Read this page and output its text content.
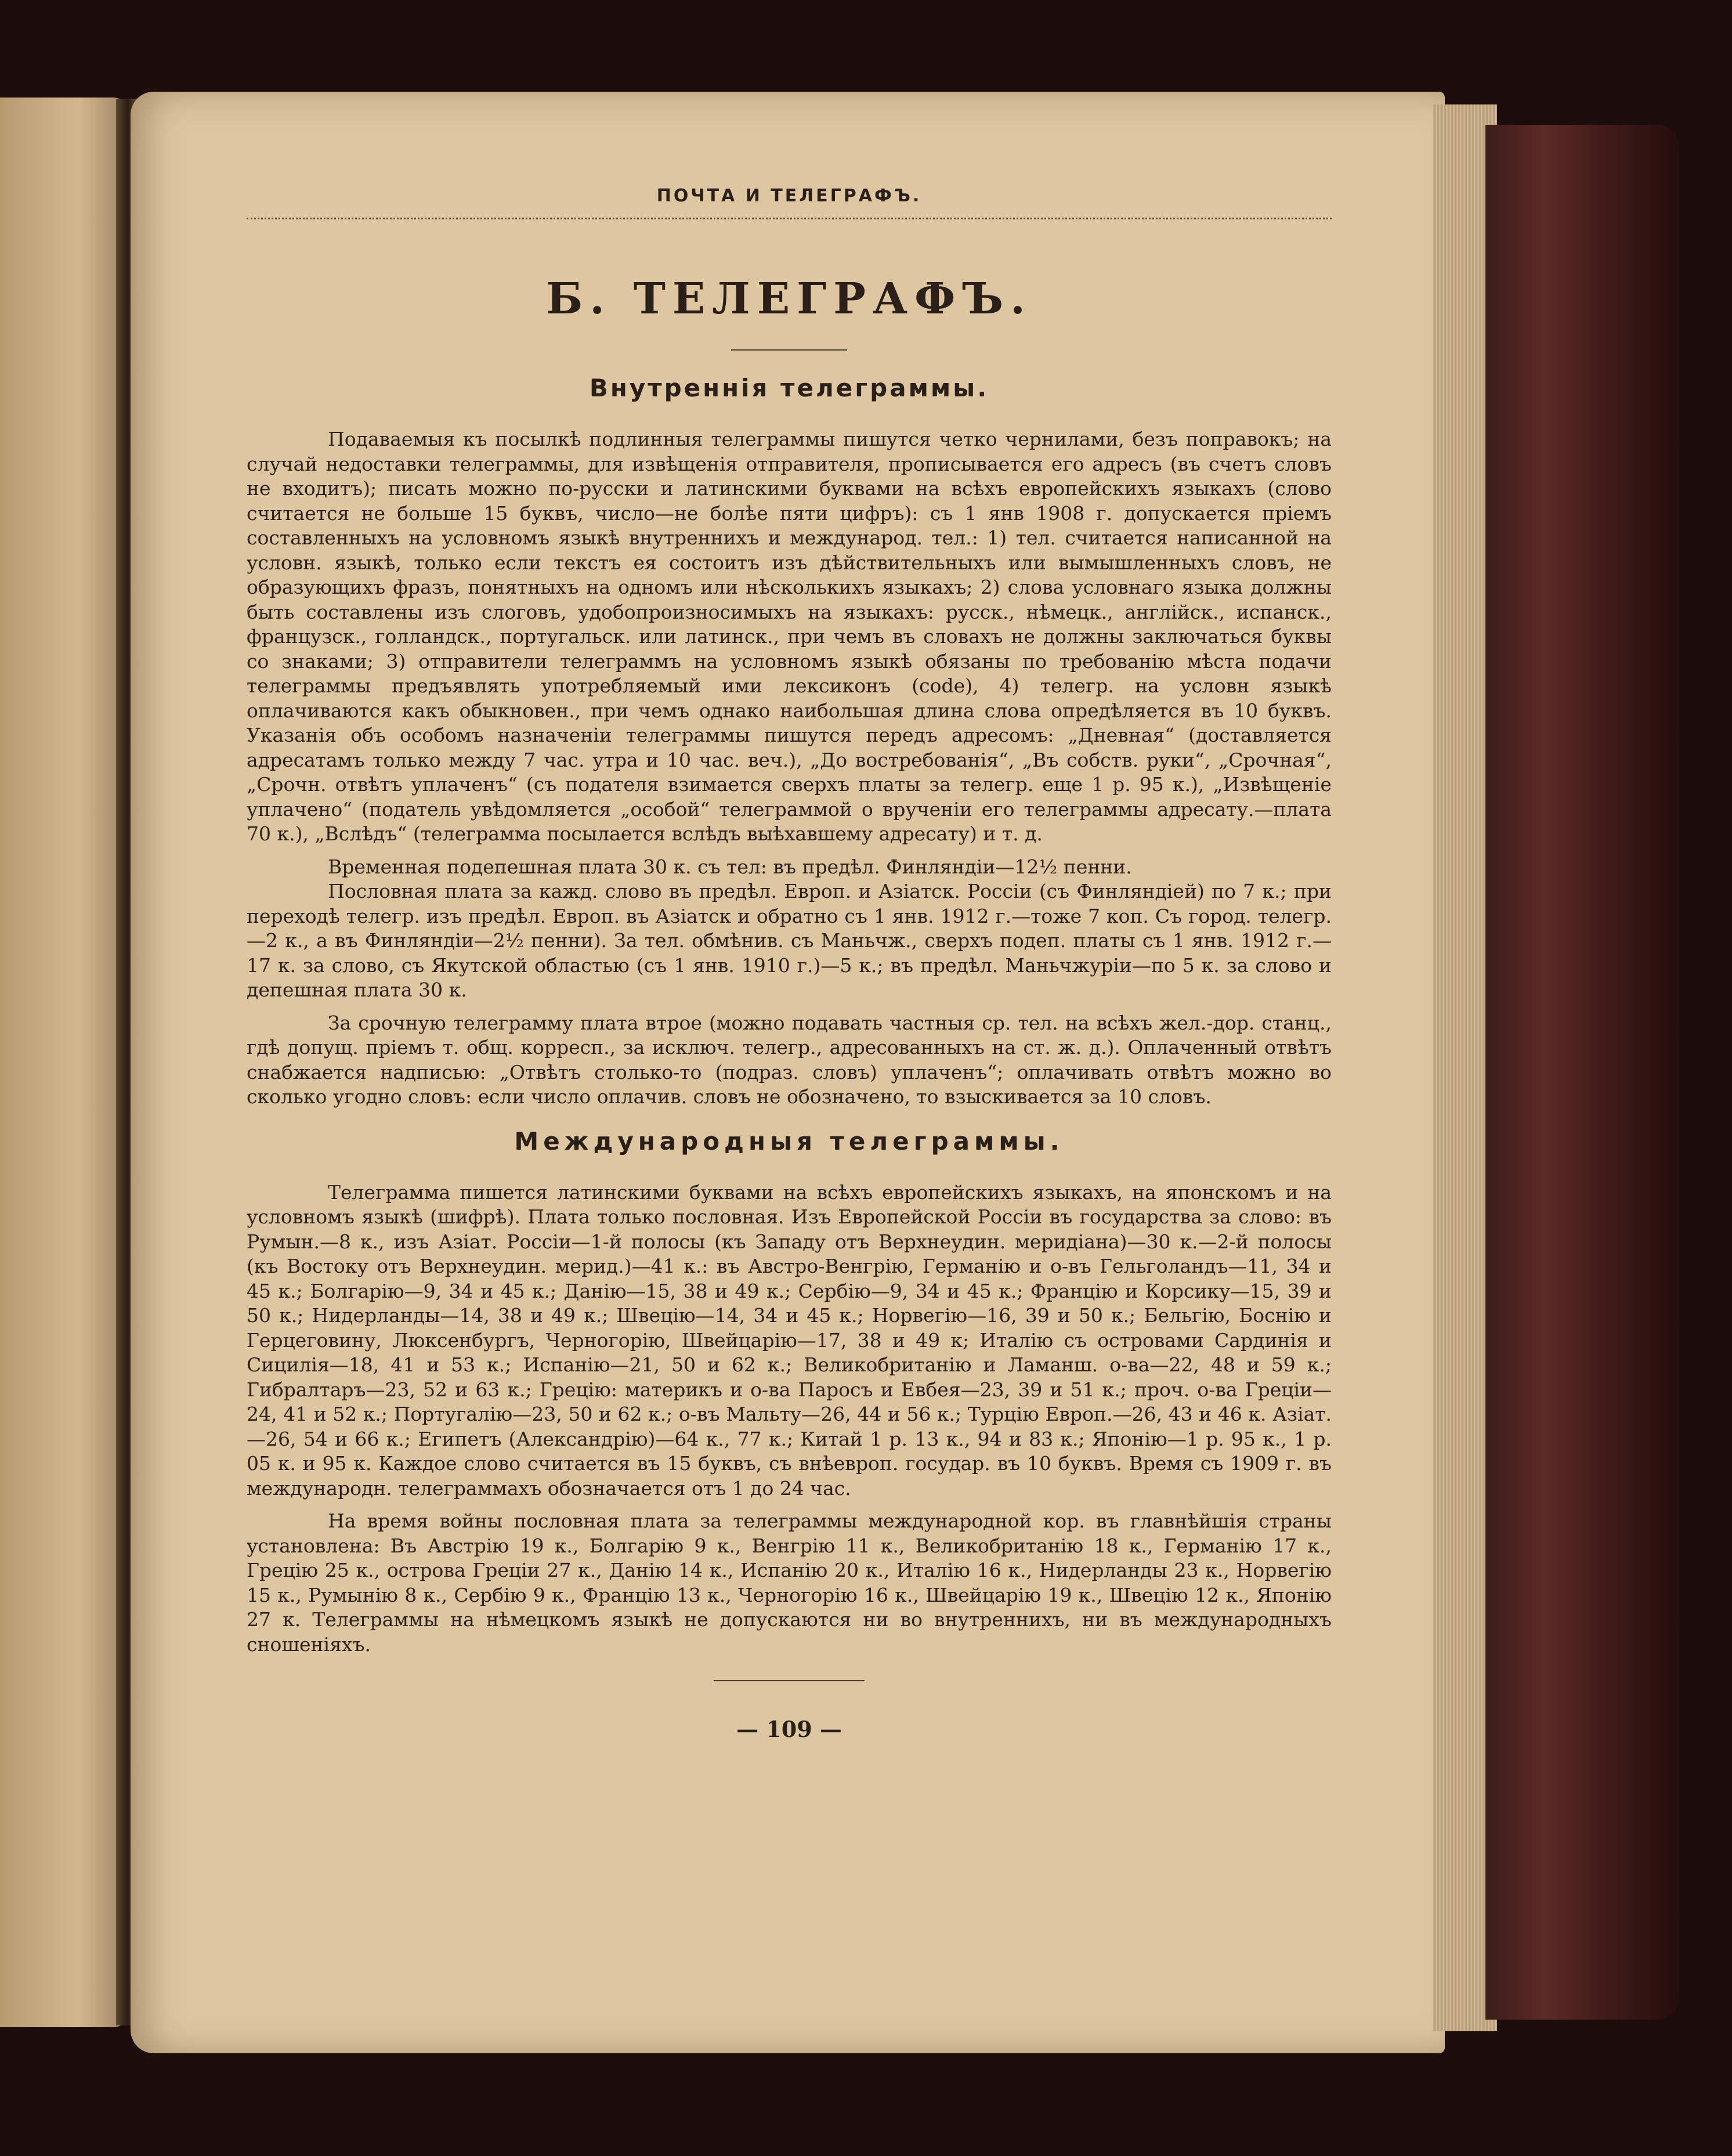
ПОЧТА И ТЕЛЕГРАФЪ.
Б. ТЕЛЕГРАФЪ.
Внутреннія телеграммы.

Подаваемыя къ посылкѣ подлинныя телеграммы пишутся четко чернилами, безъ поправокъ; на случай недоставки телеграммы, для извѣщенія отправителя, прописывается его адресъ (въ счетъ словъ не входитъ); писать можно по-русски и латинскими буквами на всѣхъ европейскихъ языкахъ (слово считается не больше 15 буквъ, число—не болѣе пяти цифръ): съ 1 янв 1908 г. допускается пріемъ составленныхъ на условномъ языкѣ внутреннихъ и международ. тел.: 1) тел. считается написанной на условн. языкѣ, только если текстъ ея состоитъ изъ дѣйствительныхъ или вымышленныхъ словъ, не образующихъ фразъ, понятныхъ на одномъ или нѣсколькихъ языкахъ; 2) слова условнаго языка должны быть составлены изъ слоговъ, удобопроизносимыхъ на языкахъ: русск., нѣмецк., англійск., испанск., французск., голландск., португальск. или латинск., при чемъ въ словахъ не должны заключаться буквы со знаками; 3) отправители телеграммъ на условномъ языкѣ обязаны по требованію мѣста подачи телеграммы предъявлять употребляемый ими лексиконъ (code), 4) телегр. на условн языкѣ оплачиваются какъ обыкновен., при чемъ однако наибольшая длина слова опредѣляется въ 10 буквъ. Указанія объ особомъ назначеніи телеграммы пишутся передъ адресомъ: „Дневная“ (доставляется адресатамъ только между 7 час. утра и 10 час. веч.), „До востребованія“, „Въ собств. руки“, „Срочная“, „Срочн. отвѣтъ уплаченъ“ (съ подателя взимается сверхъ платы за телегр. еще 1 р. 95 к.), „Извѣщеніе уплачено“ (податель увѣдомляется „особой“ телеграммой о врученіи его телеграммы адресату.—плата 70 к.), „Вслѣдъ“ (телеграмма посылается вслѣдъ выѣхавшему адресату) и т. д.

Временная подепешная плата 30 к. съ тел: въ предѣл. Финляндіи—12½ пенни.

Пословная плата за кажд. слово въ предѣл. Европ. и Азіатск. Россіи (съ Финляндіей) по 7 к.; при переходѣ телегр. изъ предѣл. Европ. въ Азіатск и обратно съ 1 янв. 1912 г.—тоже 7 коп. Съ город. телегр.—2 к., а въ Финляндіи—2½ пенни). За тел. обмѣнив. съ Маньчж., сверхъ подеп. платы съ 1 янв. 1912 г.—17 к. за слово, съ Якутской областью (съ 1 янв. 1910 г.)—5 к.; въ предѣл. Маньчжуріи—по 5 к. за слово и депешная плата 30 к.

За срочную телеграмму плата втрое (можно подавать частныя ср. тел. на всѣхъ жел.-дор. станц., гдѣ допущ. пріемъ т. общ. корресп., за исключ. телегр., адресованныхъ на ст. ж. д.). Оплаченный отвѣтъ снабжается надписью: „Отвѣтъ столько-то (подраз. словъ) уплаченъ“; оплачивать отвѣтъ можно во сколько угодно словъ: если число оплачив. словъ не обозначено, то взыскивается за 10 словъ.

Международныя телеграммы.

Телеграмма пишется латинскими буквами на всѣхъ европейскихъ языкахъ, на японскомъ и на условномъ языкѣ (шифрѣ). Плата только пословная. Изъ Европейской Россіи въ государства за слово: въ Румын.—8 к., изъ Азіат. Россіи—1-й полосы (къ Западу отъ Верхнеудин. меридіана)—30 к.—2-й полосы (къ Востоку отъ Верхнеудин. мерид.)—41 к.: въ Австро-Венгрію, Германію и о-въ Гельголандъ—11, 34 и 45 к.; Болгарію—9, 34 и 45 к.; Данію—15, 38 и 49 к.; Сербію—9, 34 и 45 к.; Францію и Корсику—15, 39 и 50 к.; Нидерланды—14, 38 и 49 к.; Швецію—14, 34 и 45 к.; Норвегію—16, 39 и 50 к.; Бельгію, Боснію и Герцеговину, Люксенбургъ, Черногорію, Швейцарію—17, 38 и 49 к; Италію съ островами Сардинія и Сицилія—18, 41 и 53 к.; Испанію—21, 50 и 62 к.; Великобританію и Ламанш. о-ва—22, 48 и 59 к.; Гибралтаръ—23, 52 и 63 к.; Грецію: материкъ и о-ва Паросъ и Евбея—23, 39 и 51 к.; проч. о-ва Греціи—24, 41 и 52 к.; Португалію—23, 50 и 62 к.; о-въ Мальту—26, 44 и 56 к.; Турцію Европ.—26, 43 и 46 к. Азіат.—26, 54 и 66 к.; Египетъ (Александрію)—64 к., 77 к.; Китай 1 р. 13 к., 94 и 83 к.; Японію—1 р. 95 к., 1 р. 05 к. и 95 к. Каждое слово считается въ 15 буквъ, съ внѣевроп. государ. въ 10 буквъ. Время съ 1909 г. въ международн. телеграммахъ обозначается отъ 1 до 24 час.

На время войны пословная плата за телеграммы международной кор. въ главнѣйшія страны установлена: Въ Австрію 19 к., Болгарію 9 к., Венгрію 11 к., Великобританію 18 к., Германію 17 к., Грецію 25 к., острова Греціи 27 к., Данію 14 к., Испанію 20 к., Италію 16 к., Нидерланды 23 к., Норвегію 15 к., Румынію 8 к., Сербію 9 к., Францію 13 к., Черногорію 16 к., Швейцарію 19 к., Швецію 12 к., Японію 27 к. Телеграммы на нѣмецкомъ языкѣ не допускаются ни во внутреннихъ, ни въ международныхъ сношеніяхъ.

— 109 —
